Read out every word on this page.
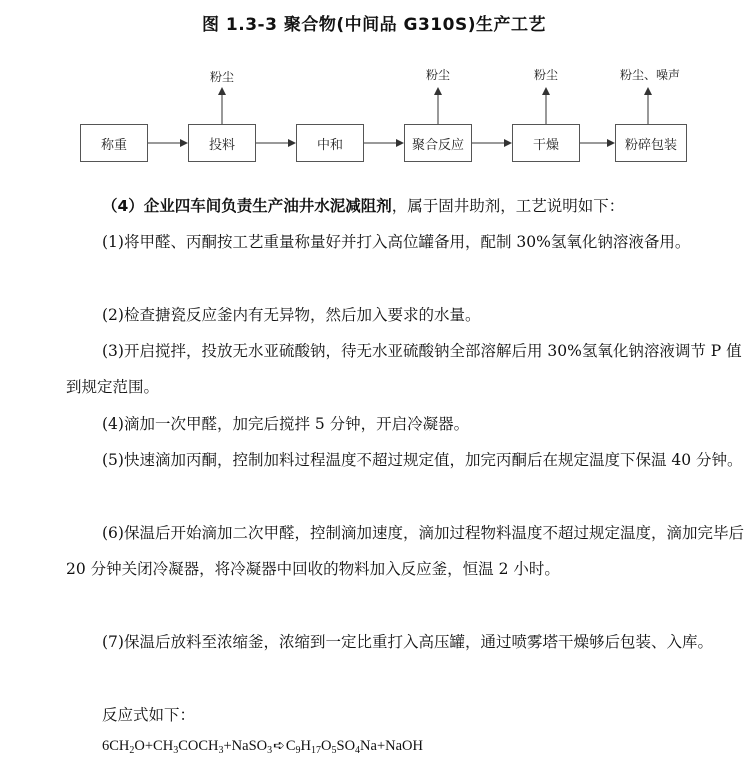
图 1.3-3 聚合物(中间品 G310S)生产工艺
称重	投料	中和	聚合反应	干燥	粉碎包装
粉尘	粉尘	粉尘	粉尘、噪声

（4）企业四车间负责生产油井水泥减阻剂，属于固井助剂，工艺说明如下：

(1)将甲醛、丙酮按工艺重量称量好并打入高位罐备用，配制 30%氢氧化钠溶液备用。

(2)检查搪瓷反应釜内有无异物，然后加入要求的水量。

(3)开启搅拌，投放无水亚硫酸钠，待无水亚硫酸钠全部溶解后用 30%氢氧化钠溶液调节 P 值到规定范围。

(4)滴加一次甲醛，加完后搅拌 5 分钟，开启冷凝器。

(5)快速滴加丙酮，控制加料过程温度不超过规定值，加完丙酮后在规定温度下保温 40 分钟。

(6)保温后开始滴加二次甲醛，控制滴加速度，滴加过程物料温度不超过规定温度，滴加完毕后 20 分钟关闭冷凝器，将冷凝器中回收的物料加入反应釜，恒温 2 小时。

(7)保温后放料至浓缩釜，浓缩到一定比重打入高压罐，通过喷雾塔干燥够后包装、入库。

反应式如下：

$6CH_2O+CH_3COCH_3+NaSO_3➪C_9H_{17}O_5SO_4Na+NaOH$
